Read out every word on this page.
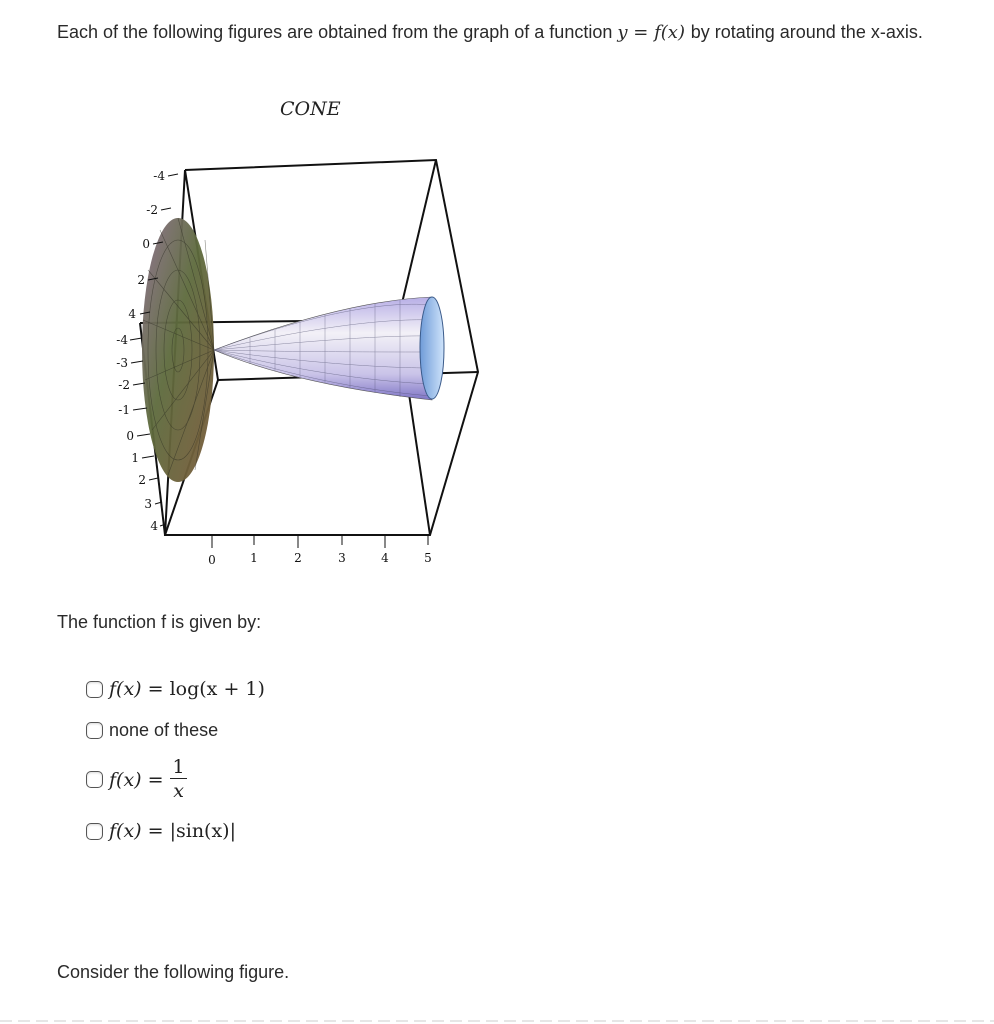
Each of the following figures are obtained from the graph of a function y = f(x) by rotating around the x-axis.
CONE
0	1	2	3	4	5
-4
-2
0
2
4
-4
-3
-2
-1
0
1
2
3
4
The function f is given by:
f(x) = log(x + 1)
none of these
$f(x) = \frac{1}{x}$
f(x) = |sin(x)|
Consider the following figure.
